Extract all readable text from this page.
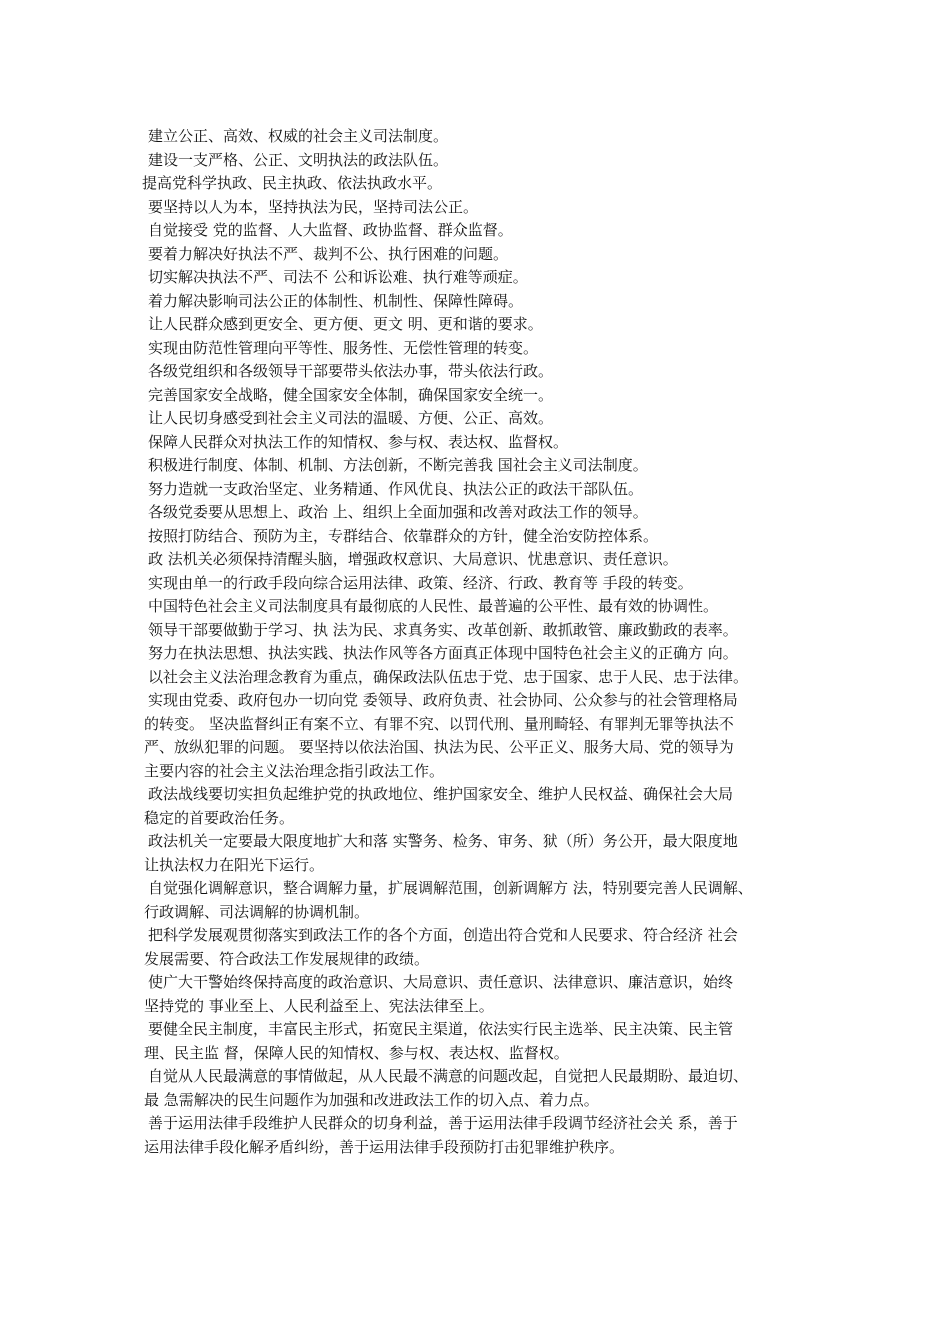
建立公正、高效、权威的社会主义司法制度。
建设一支严格、公正、文明执法的政法队伍。
提高党科学执政、民主执政、依法执政水平。
要坚持以人为本，坚持执法为民，坚持司法公正。
自觉接受 党的监督、人大监督、政协监督、群众监督。
要着力解决好执法不严、裁判不公、执行困难的问题。
切实解决执法不严、司法不 公和诉讼难、执行难等顽症。
着力解决影响司法公正的体制性、机制性、保障性障碍。
让人民群众感到更安全、更方便、更文 明、更和谐的要求。
实现由防范性管理向平等性、服务性、无偿性管理的转变。
各级党组织和各级领导干部要带头依法办事，带头依法行政。
完善国家安全战略，健全国家安全体制，确保国家安全统一。
让人民切身感受到社会主义司法的温暖、方便、公正、高效。
保障人民群众对执法工作的知情权、参与权、表达权、监督权。
积极进行制度、体制、机制、方法创新，不断完善我 国社会主义司法制度。
努力造就一支政治坚定、业务精通、作风优良、执法公正的政法干部队伍。
各级党委要从思想上、政治 上、组织上全面加强和改善对政法工作的领导。
按照打防结合、预防为主，专群结合、依靠群众的方针，健全治安防控体系。
政 法机关必须保持清醒头脑，增强政权意识、大局意识、忧患意识、责任意识。
实现由单一的行政手段向综合运用法律、政策、经济、行政、教育等 手段的转变。
中国特色社会主义司法制度具有最彻底的人民性、最普遍的公平性、最有效的协调性。
领导干部要做勤于学习、执 法为民、求真务实、改革创新、敢抓敢管、廉政勤政的表率。
努力在执法思想、执法实践、执法作风等各方面真正体现中国特色社会主义的正确方 向。
以社会主义法治理念教育为重点，确保政法队伍忠于党、忠于国家、忠于人民、忠于法律。
实现由党委、政府包办一切向党 委领导、政府负责、社会协同、公众参与的社会管理格局
的转变。 坚决监督纠正有案不立、有罪不究、以罚代刑、量刑畸轻、有罪判无罪等执法不
严、放纵犯罪的问题。 要坚持以依法治国、执法为民、公平正义、服务大局、党的领导为
主要内容的社会主义法治理念指引政法工作。
政法战线要切实担负起维护党的执政地位、维护国家安全、维护人民权益、确保社会大局
稳定的首要政治任务。
政法机关一定要最大限度地扩大和落 实警务、检务、审务、狱（所）务公开，最大限度地
让执法权力在阳光下运行。
自觉强化调解意识，整合调解力量，扩展调解范围，创新调解方 法，特别要完善人民调解、
行政调解、司法调解的协调机制。
把科学发展观贯彻落实到政法工作的各个方面，创造出符合党和人民要求、符合经济 社会
发展需要、符合政法工作发展规律的政绩。
使广大干警始终保持高度的政治意识、大局意识、责任意识、法律意识、廉洁意识，始终
坚持党的 事业至上、人民利益至上、宪法法律至上。
要健全民主制度，丰富民主形式，拓宽民主渠道，依法实行民主选举、民主决策、民主管
理、民主监 督，保障人民的知情权、参与权、表达权、监督权。
自觉从人民最满意的事情做起，从人民最不满意的问题改起，自觉把人民最期盼、最迫切、
最 急需解决的民生问题作为加强和改进政法工作的切入点、着力点。
善于运用法律手段维护人民群众的切身利益，善于运用法律手段调节经济社会关 系，善于
运用法律手段化解矛盾纠纷，善于运用法律手段预防打击犯罪维护秩序。
